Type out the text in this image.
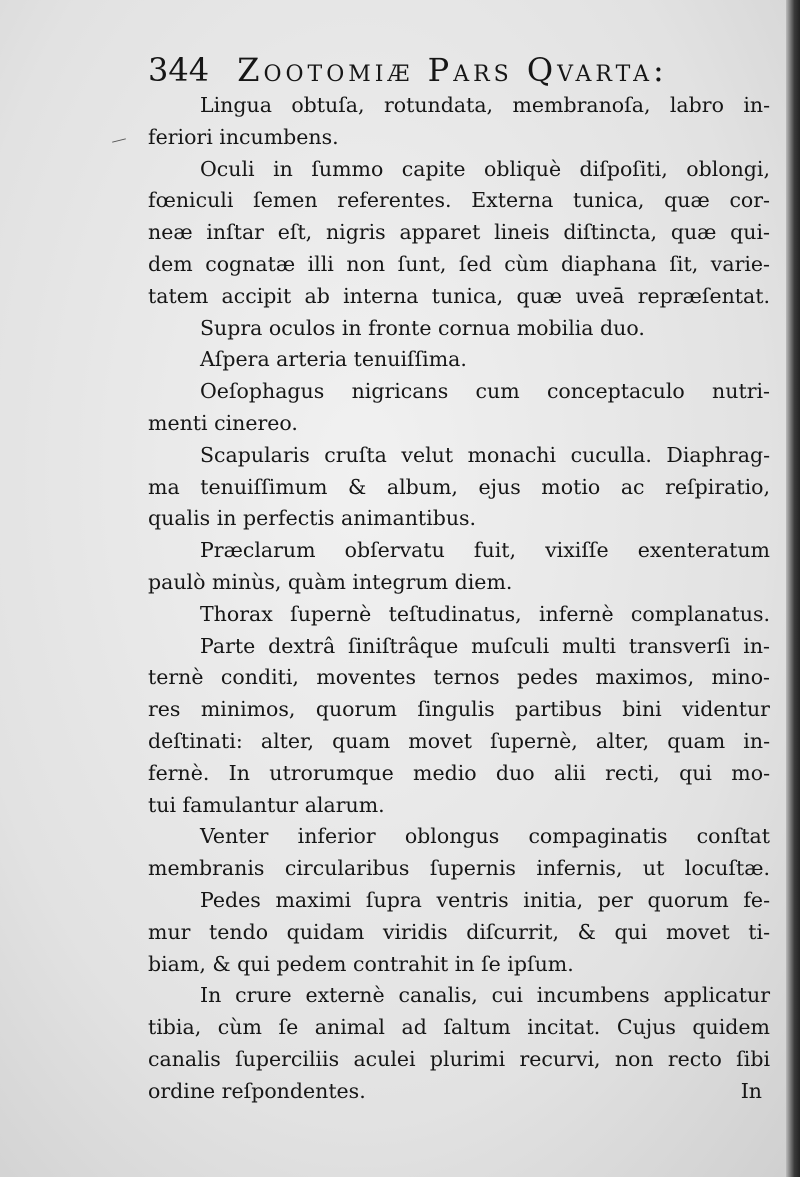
344 Zootomiæ Pars Qvarta:
Lingua obtuſa, rotundata, membranoſa, labro in-
feriori incumbens.
Oculi in ſummo capite obliquè diſpoſiti, oblongi,
fœniculi ſemen referentes. Externa tunica, quæ cor-
neæ inſtar eſt, nigris apparet lineis diſtincta, quæ qui-
dem cognatæ illi non ſunt, ſed cùm diaphana ſit, varie-
tatem accipit ab interna tunica, quæ uveā repræſentat.
Supra oculos in fronte cornua mobilia duo.
Aſpera arteria tenuiſſima.
Oeſophagus nigricans cum conceptaculo nutri-
menti cinereo.
Scapularis cruſta velut monachi cuculla. Diaphrag-
ma tenuiſſimum & album, ejus motio ac reſpiratio,
qualis in perfectis animantibus.
Præclarum obſervatu fuit, vixiſſe exenteratum
paulò minùs, quàm integrum diem.
Thorax ſupernè teſtudinatus, infernè complanatus.
Parte dextrâ ſiniſtrâque muſculi multi transverſi in-
ternè conditi, moventes ternos pedes maximos, mino-
res minimos, quorum ſingulis partibus bini videntur
deſtinati: alter, quam movet ſupernè, alter, quam in-
fernè. In utrorumque medio duo alii recti, qui mo-
tui famulantur alarum.
Venter inferior oblongus compaginatis conſtat
membranis circularibus ſupernis infernis, ut locuſtæ.
Pedes maximi ſupra ventris initia, per quorum fe-
mur tendo quidam viridis diſcurrit, & qui movet ti-
biam, & qui pedem contrahit in ſe ipſum.
In crure externè canalis, cui incumbens applicatur
tibia, cùm ſe animal ad ſaltum incitat. Cujus quidem
canalis ſuperciliis aculei plurimi recurvi, non recto ſibi
ordine reſpondentes.	In
